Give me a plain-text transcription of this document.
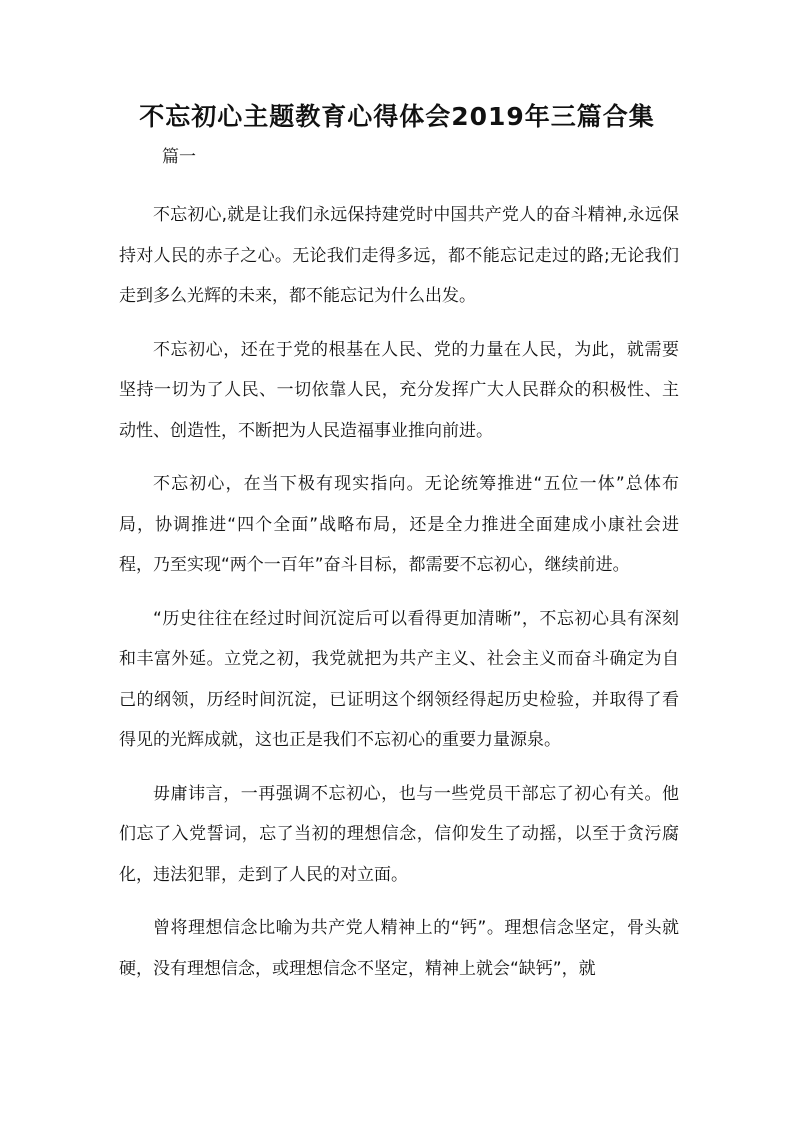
不忘初心主题教育心得体会2019年三篇合集

篇一

不忘初心,就是让我们永远保持建党时中国共产党人的奋斗精神,永远保持对人民的赤子之心。无论我们走得多远，都不能忘记走过的路;无论我们走到多么光辉的未来，都不能忘记为什么出发。

不忘初心，还在于党的根基在人民、党的力量在人民，为此，就需要坚持一切为了人民、一切依靠人民，充分发挥广大人民群众的积极性、主动性、创造性，不断把为人民造福事业推向前进。

不忘初心，在当下极有现实指向。无论统筹推进“五位一体”总体布局，协调推进“四个全面”战略布局，还是全力推进全面建成小康社会进程，乃至实现“两个一百年”奋斗目标，都需要不忘初心，继续前进。

“历史往往在经过时间沉淀后可以看得更加清晰”，不忘初心具有深刻和丰富外延。立党之初，我党就把为共产主义、社会主义而奋斗确定为自己的纲领，历经时间沉淀，已证明这个纲领经得起历史检验，并取得了看得见的光辉成就，这也正是我们不忘初心的重要力量源泉。

毋庸讳言，一再强调不忘初心，也与一些党员干部忘了初心有关。他们忘了入党誓词，忘了当初的理想信念，信仰发生了动摇，以至于贪污腐化，违法犯罪，走到了人民的对立面。

曾将理想信念比喻为共产党人精神上的“钙”。理想信念坚定，骨头就硬，没有理想信念，或理想信念不坚定，精神上就会“缺钙”，就
